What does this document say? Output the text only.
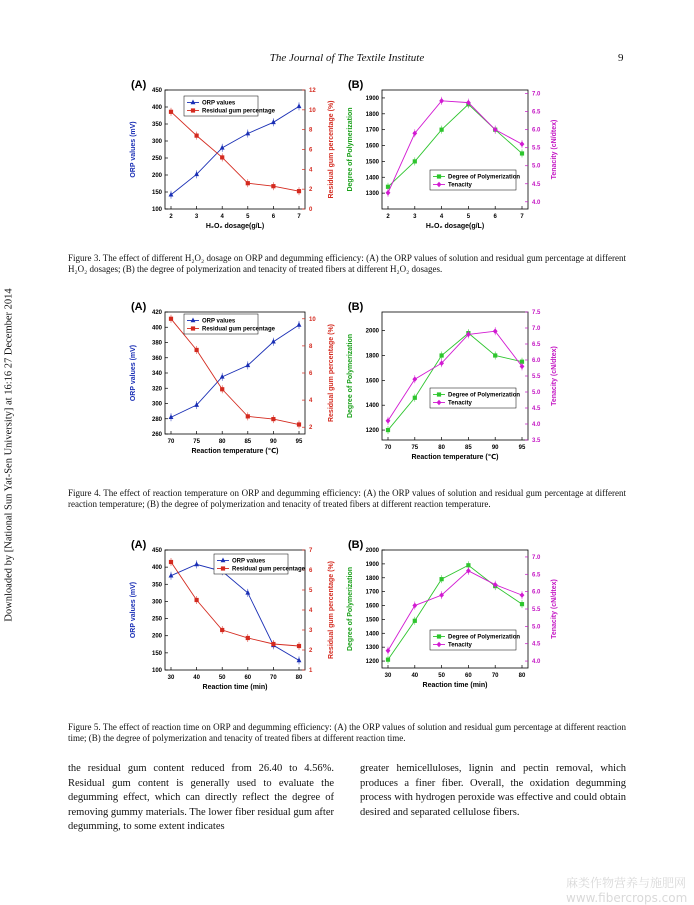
The Journal of The Textile Institute	9
Downloaded by [National Sun Yat-Sen University] at 16:16 27 December 2014
(A)
100
150
200
250
300
350
400
450
0
2
4
6
8
10
12
2	3	4	5	6	7
H₂O₂ dosage(g/L)
ORP values (mV)	Residual gum percentage (%)
ORP values
Residual gum percentage
(B)
1300
1400
1500
1600
1700
1800
1900
4.0
4.5
5.0
5.5
6.0
6.5
7.0
2	3	4	5	6	7
H₂O₂ dosage(g/L)
Degree of Polymerization	Tenacity (cN/dtex)
Degree of Polymerization
Tenacity
Figure 3. The effect of different H₂O₂ dosage on ORP and degumming efficiency: (A) the ORP values of solution and residual gum percentage at different H₂O₂ dosages; (B) the degree of polymerization and tenacity of treated fibers at different H₂O₂ dosages.
(A)
260
280
300
320
340
360
380
400
420
2
4
6
8
10
70	75	80	85	90	95
Reaction temperature (℃)
ORP values (mV)	Residual gum percentage (%)
ORP values
Residual gum percentage
(B)
1200
1400
1600
1800
2000
3.5
4.0
4.5
5.0
5.5
6.0
6.5
7.0
7.5
70	75	80	85	90	95
Reaction temperature (℃)
Degree of Polymerization	Tenacity (cN/dtex)
Degree of Polymerization
Tenacity
Figure 4. The effect of reaction temperature on ORP and degumming efficiency: (A) the ORP values of solution and residual gum percentage at different reaction temperature; (B) the degree of polymerization and tenacity of treated fibers at different reaction temperature.
(A)
100
150
200
250
300
350
400
450
1
2
3
4
5
6
7
30	40	50	60	70	80
Reaction time (min)
ORP values (mV)	Residual gum percentage (%)
ORP values
Residual gum percentage
(B)
1200
1300
1400
1500
1600
1700
1800
1900
2000
4.0
4.5
5.0
5.5
6.0
6.5
7.0
30	40	50	60	70	80
Reaction time (min)
Degree of Polymerization	Tenacity (cN/dtex)
Degree of Polymerization
Tenacity
Figure 5. The effect of reaction time on ORP and degumming efficiency: (A) the ORP values of solution and residual gum percentage at different reaction time; (B) the degree of polymerization and tenacity of treated fibers at different reaction time.
the residual gum content reduced from 26.40 to 4.56%. Residual gum content is generally used to evaluate the degumming effect, which can directly reflect the degree of removing gummy materials. The lower fiber residual gum after degumming, to some extent indicates
greater hemicelluloses, lignin and pectin removal, which produces a finer fiber. Overall, the oxidation degumming process with hydrogen peroxide was effective and could obtain desired and separated cellulose fibers.
麻类作物营养与施肥网 www.fibercrops.com
